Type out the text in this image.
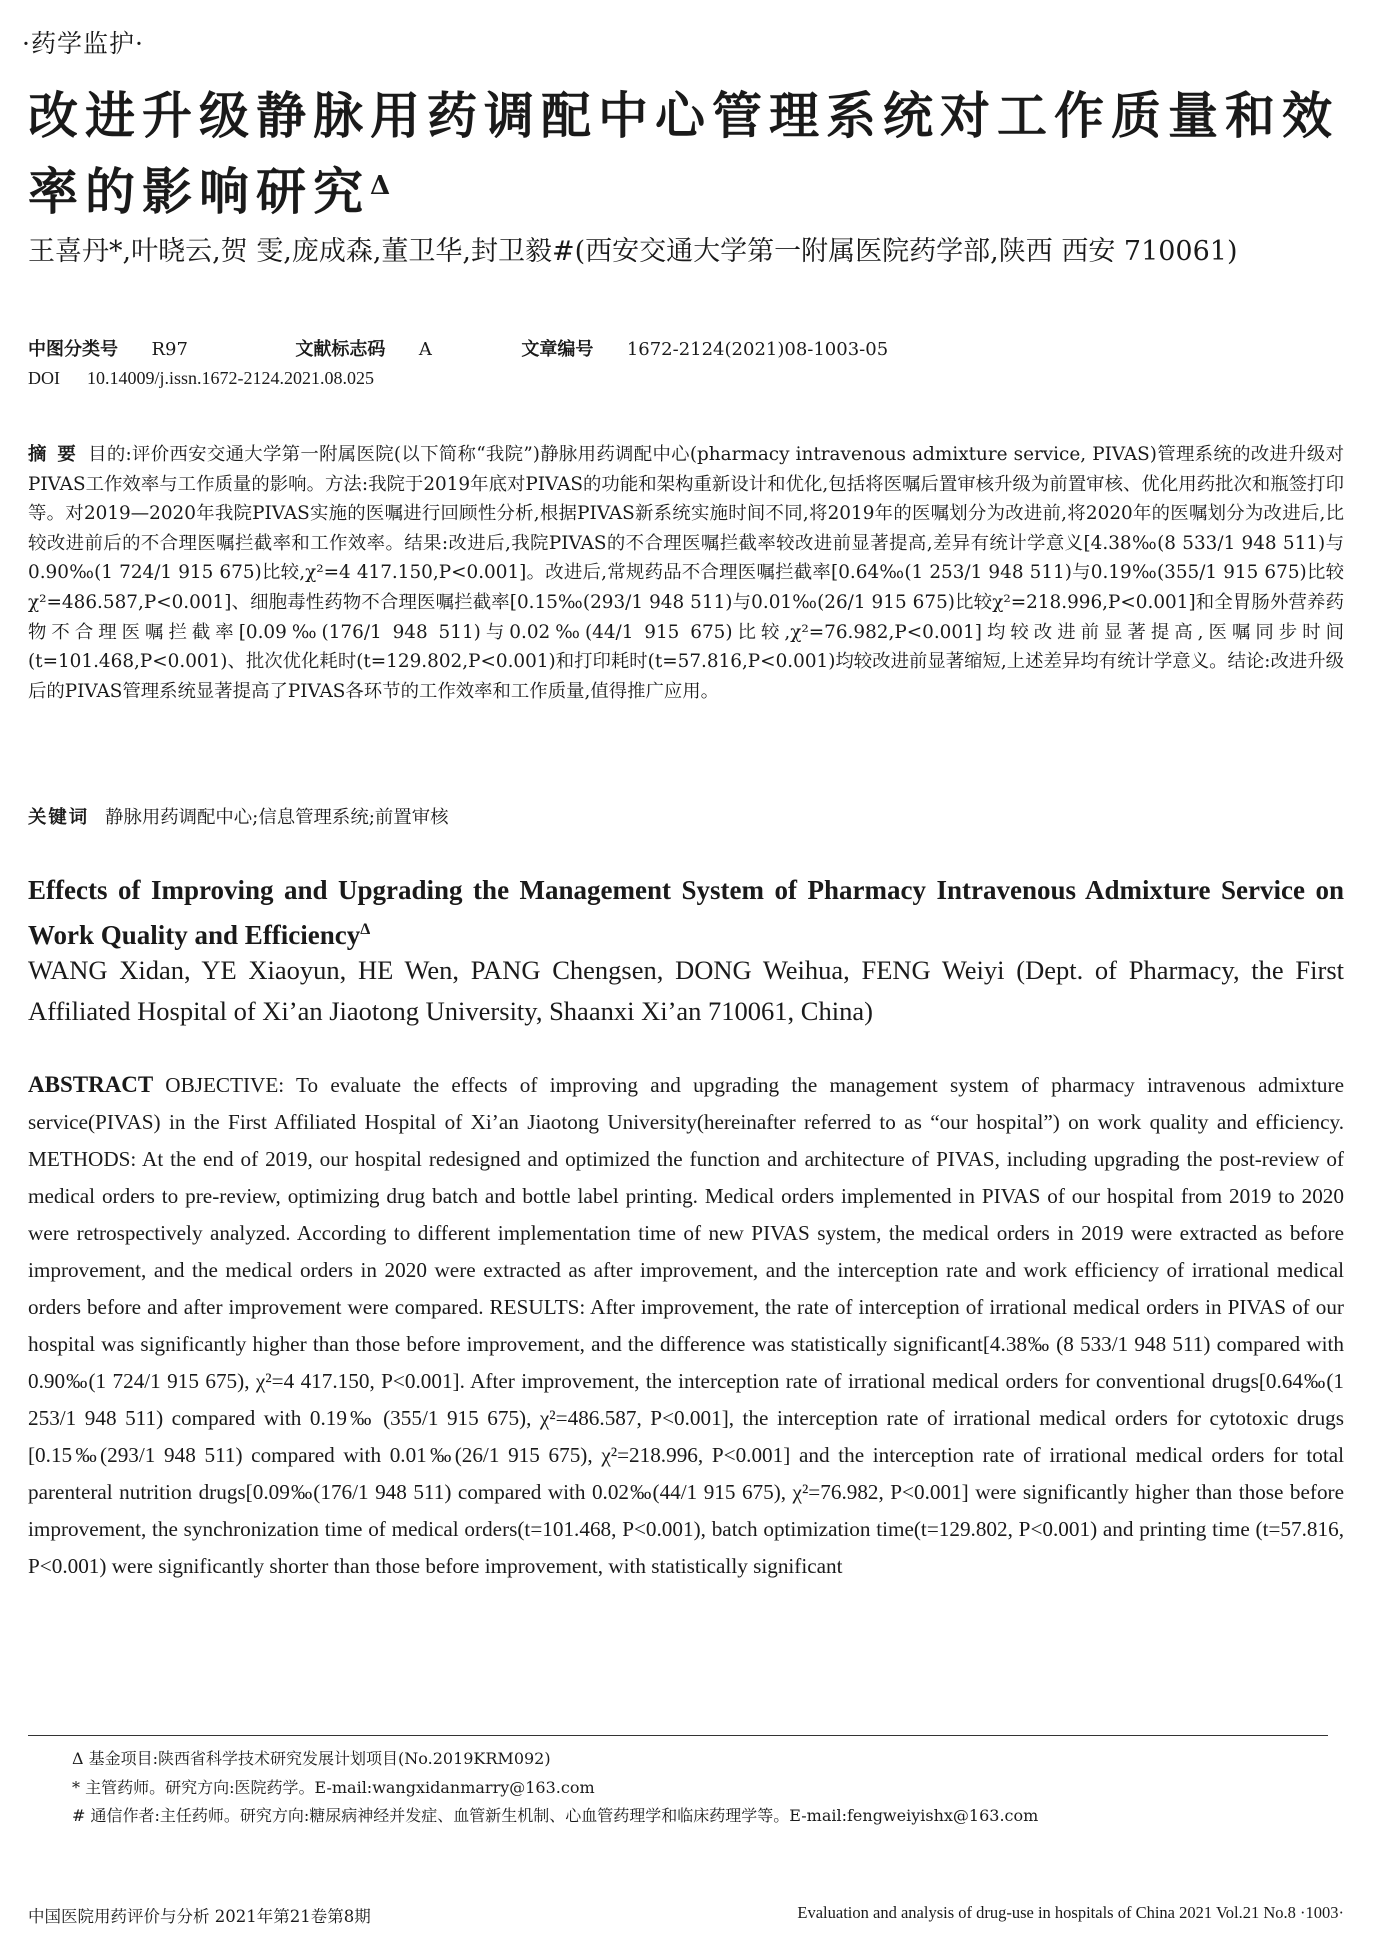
·药学监护·
改进升级静脉用药调配中心管理系统对工作质量和效率的影响研究$^\Delta$
王喜丹*,叶晓云,贺 雯,庞成森,董卫华,封卫毅#(西安交通大学第一附属医院药学部,陕西 西安 710061)
中图分类号 R97	文献标志码 A	文章编号 1672-2124(2021)08-1003-05
DOI 10.14009/j.issn.1672-2124.2021.08.025
摘 要 目的:评价西安交通大学第一附属医院(以下简称“我院”)静脉用药调配中心(pharmacy intravenous admixture service, PIVAS)管理系统的改进升级对PIVAS工作效率与工作质量的影响。方法:我院于2019年底对PIVAS的功能和架构重新设计和优化,包括将医嘱后置审核升级为前置审核、优化用药批次和瓶签打印等。对2019—2020年我院PIVAS实施的医嘱进行回顾性分析,根据PIVAS新系统实施时间不同,将2019年的医嘱划分为改进前,将2020年的医嘱划分为改进后,比较改进前后的不合理医嘱拦截率和工作效率。结果:改进后,我院PIVAS的不合理医嘱拦截率较改进前显著提高,差异有统计学意义[4.38‰(8 533/1 948 511)与0.90‰(1 724/1 915 675)比较,χ²=4 417.150,P<0.001]。改进后,常规药品不合理医嘱拦截率[0.64‰(1 253/1 948 511)与0.19‰(355/1 915 675)比较χ²=486.587,P<0.001]、细胞毒性药物不合理医嘱拦截率[0.15‰(293/1 948 511)与0.01‰(26/1 915 675)比较χ²=218.996,P<0.001]和全胃肠外营养药物不合理医嘱拦截率[0.09‰(176/1 948 511)与0.02‰(44/1 915 675)比较,χ²=76.982,P<0.001]均较改进前显著提高,医嘱同步时间(t=101.468,P<0.001)、批次优化耗时(t=129.802,P<0.001)和打印耗时(t=57.816,P<0.001)均较改进前显著缩短,上述差异均有统计学意义。结论:改进升级后的PIVAS管理系统显著提高了PIVAS各环节的工作效率和工作质量,值得推广应用。
关键词 静脉用药调配中心;信息管理系统;前置审核
Effects of Improving and Upgrading the Management System of Pharmacy Intravenous Admixture Service on Work Quality and Efficiency$^\Delta$
WANG Xidan, YE Xiaoyun, HE Wen, PANG Chengsen, DONG Weihua, FENG Weiyi (Dept. of Pharmacy, the First Affiliated Hospital of Xi’an Jiaotong University, Shaanxi Xi’an 710061, China)
ABSTRACT OBJECTIVE: To evaluate the effects of improving and upgrading the management system of pharmacy intravenous admixture service(PIVAS) in the First Affiliated Hospital of Xi’an Jiaotong University(hereinafter referred to as “our hospital”) on work quality and efficiency. METHODS: At the end of 2019, our hospital redesigned and optimized the function and architecture of PIVAS, including upgrading the post-review of medical orders to pre-review, optimizing drug batch and bottle label printing. Medical orders implemented in PIVAS of our hospital from 2019 to 2020 were retrospectively analyzed. According to different implementation time of new PIVAS system, the medical orders in 2019 were extracted as before improvement, and the medical orders in 2020 were extracted as after improvement, and the interception rate and work efficiency of irrational medical orders before and after improvement were compared. RESULTS: After improvement, the rate of interception of irrational medical orders in PIVAS of our hospital was significantly higher than those before improvement, and the difference was statistically significant[4.38‰ (8 533/1 948 511) compared with 0.90‰(1 724/1 915 675), χ²=4 417.150, P<0.001]. After improvement, the interception rate of irrational medical orders for conventional drugs[0.64‰(1 253/1 948 511) compared with 0.19‰ (355/1 915 675), χ²=486.587, P<0.001], the interception rate of irrational medical orders for cytotoxic drugs [0.15‰(293/1 948 511) compared with 0.01‰(26/1 915 675), χ²=218.996, P<0.001] and the interception rate of irrational medical orders for total parenteral nutrition drugs[0.09‰(176/1 948 511) compared with 0.02‰(44/1 915 675), χ²=76.982, P<0.001] were significantly higher than those before improvement, the synchronization time of medical orders(t=101.468, P<0.001), batch optimization time(t=129.802, P<0.001) and printing time (t=57.816, P<0.001) were significantly shorter than those before improvement, with statistically significant
Δ 基金项目:陕西省科学技术研究发展计划项目(No.2019KRM092)
* 主管药师。研究方向:医院药学。E-mail:wangxidanmarry@163.com
# 通信作者:主任药师。研究方向:糖尿病神经并发症、血管新生机制、心血管药理学和临床药理学等。E-mail:fengweiyishx@163.com
中国医院用药评价与分析 2021年第21卷第8期	Evaluation and analysis of drug-use in hospitals of China 2021 Vol.21 No.8 ·1003·
